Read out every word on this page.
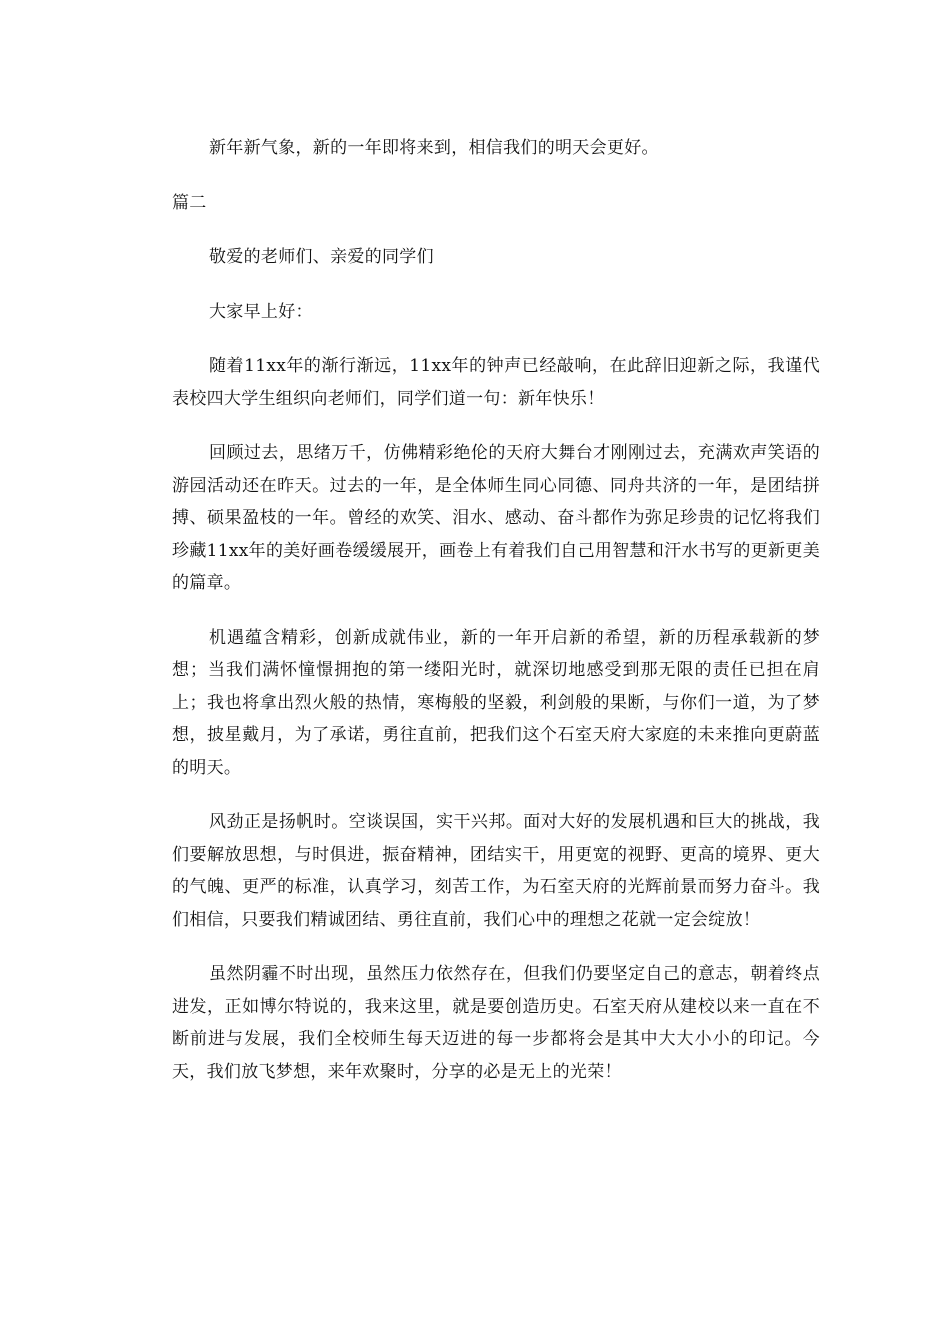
新年新气象，新的一年即将来到，相信我们的明天会更好。

篇二

敬爱的老师们、亲爱的同学们

大家早上好：

随着11xx年的渐行渐远，11xx年的钟声已经敲响，在此辞旧迎新之际，我谨代表校四大学生组织向老师们，同学们道一句：新年快乐！

回顾过去，思绪万千，仿佛精彩绝伦的天府大舞台才刚刚过去，充满欢声笑语的游园活动还在昨天。过去的一年，是全体师生同心同德、同舟共济的一年，是团结拼搏、硕果盈枝的一年。曾经的欢笑、泪水、感动、奋斗都作为弥足珍贵的记忆将我们珍藏11xx年的美好画卷缓缓展开，画卷上有着我们自己用智慧和汗水书写的更新更美的篇章。

机遇蕴含精彩，创新成就伟业，新的一年开启新的希望，新的历程承载新的梦想；当我们满怀憧憬拥抱的第一缕阳光时，就深切地感受到那无限的责任已担在肩上；我也将拿出烈火般的热情，寒梅般的坚毅，利剑般的果断，与你们一道，为了梦想，披星戴月，为了承诺，勇往直前，把我们这个石室天府大家庭的未来推向更蔚蓝的明天。

风劲正是扬帆时。空谈误国，实干兴邦。面对大好的发展机遇和巨大的挑战，我们要解放思想，与时俱进，振奋精神，团结实干，用更宽的视野、更高的境界、更大的气魄、更严的标准，认真学习，刻苦工作，为石室天府的光辉前景而努力奋斗。我们相信，只要我们精诚团结、勇往直前，我们心中的理想之花就一定会绽放！

虽然阴霾不时出现，虽然压力依然存在，但我们仍要坚定自己的意志，朝着终点进发，正如博尔特说的，我来这里，就是要创造历史。石室天府从建校以来一直在不断前进与发展，我们全校师生每天迈进的每一步都将会是其中大大小小的印记。今天，我们放飞梦想，来年欢聚时，分享的必是无上的光荣！
